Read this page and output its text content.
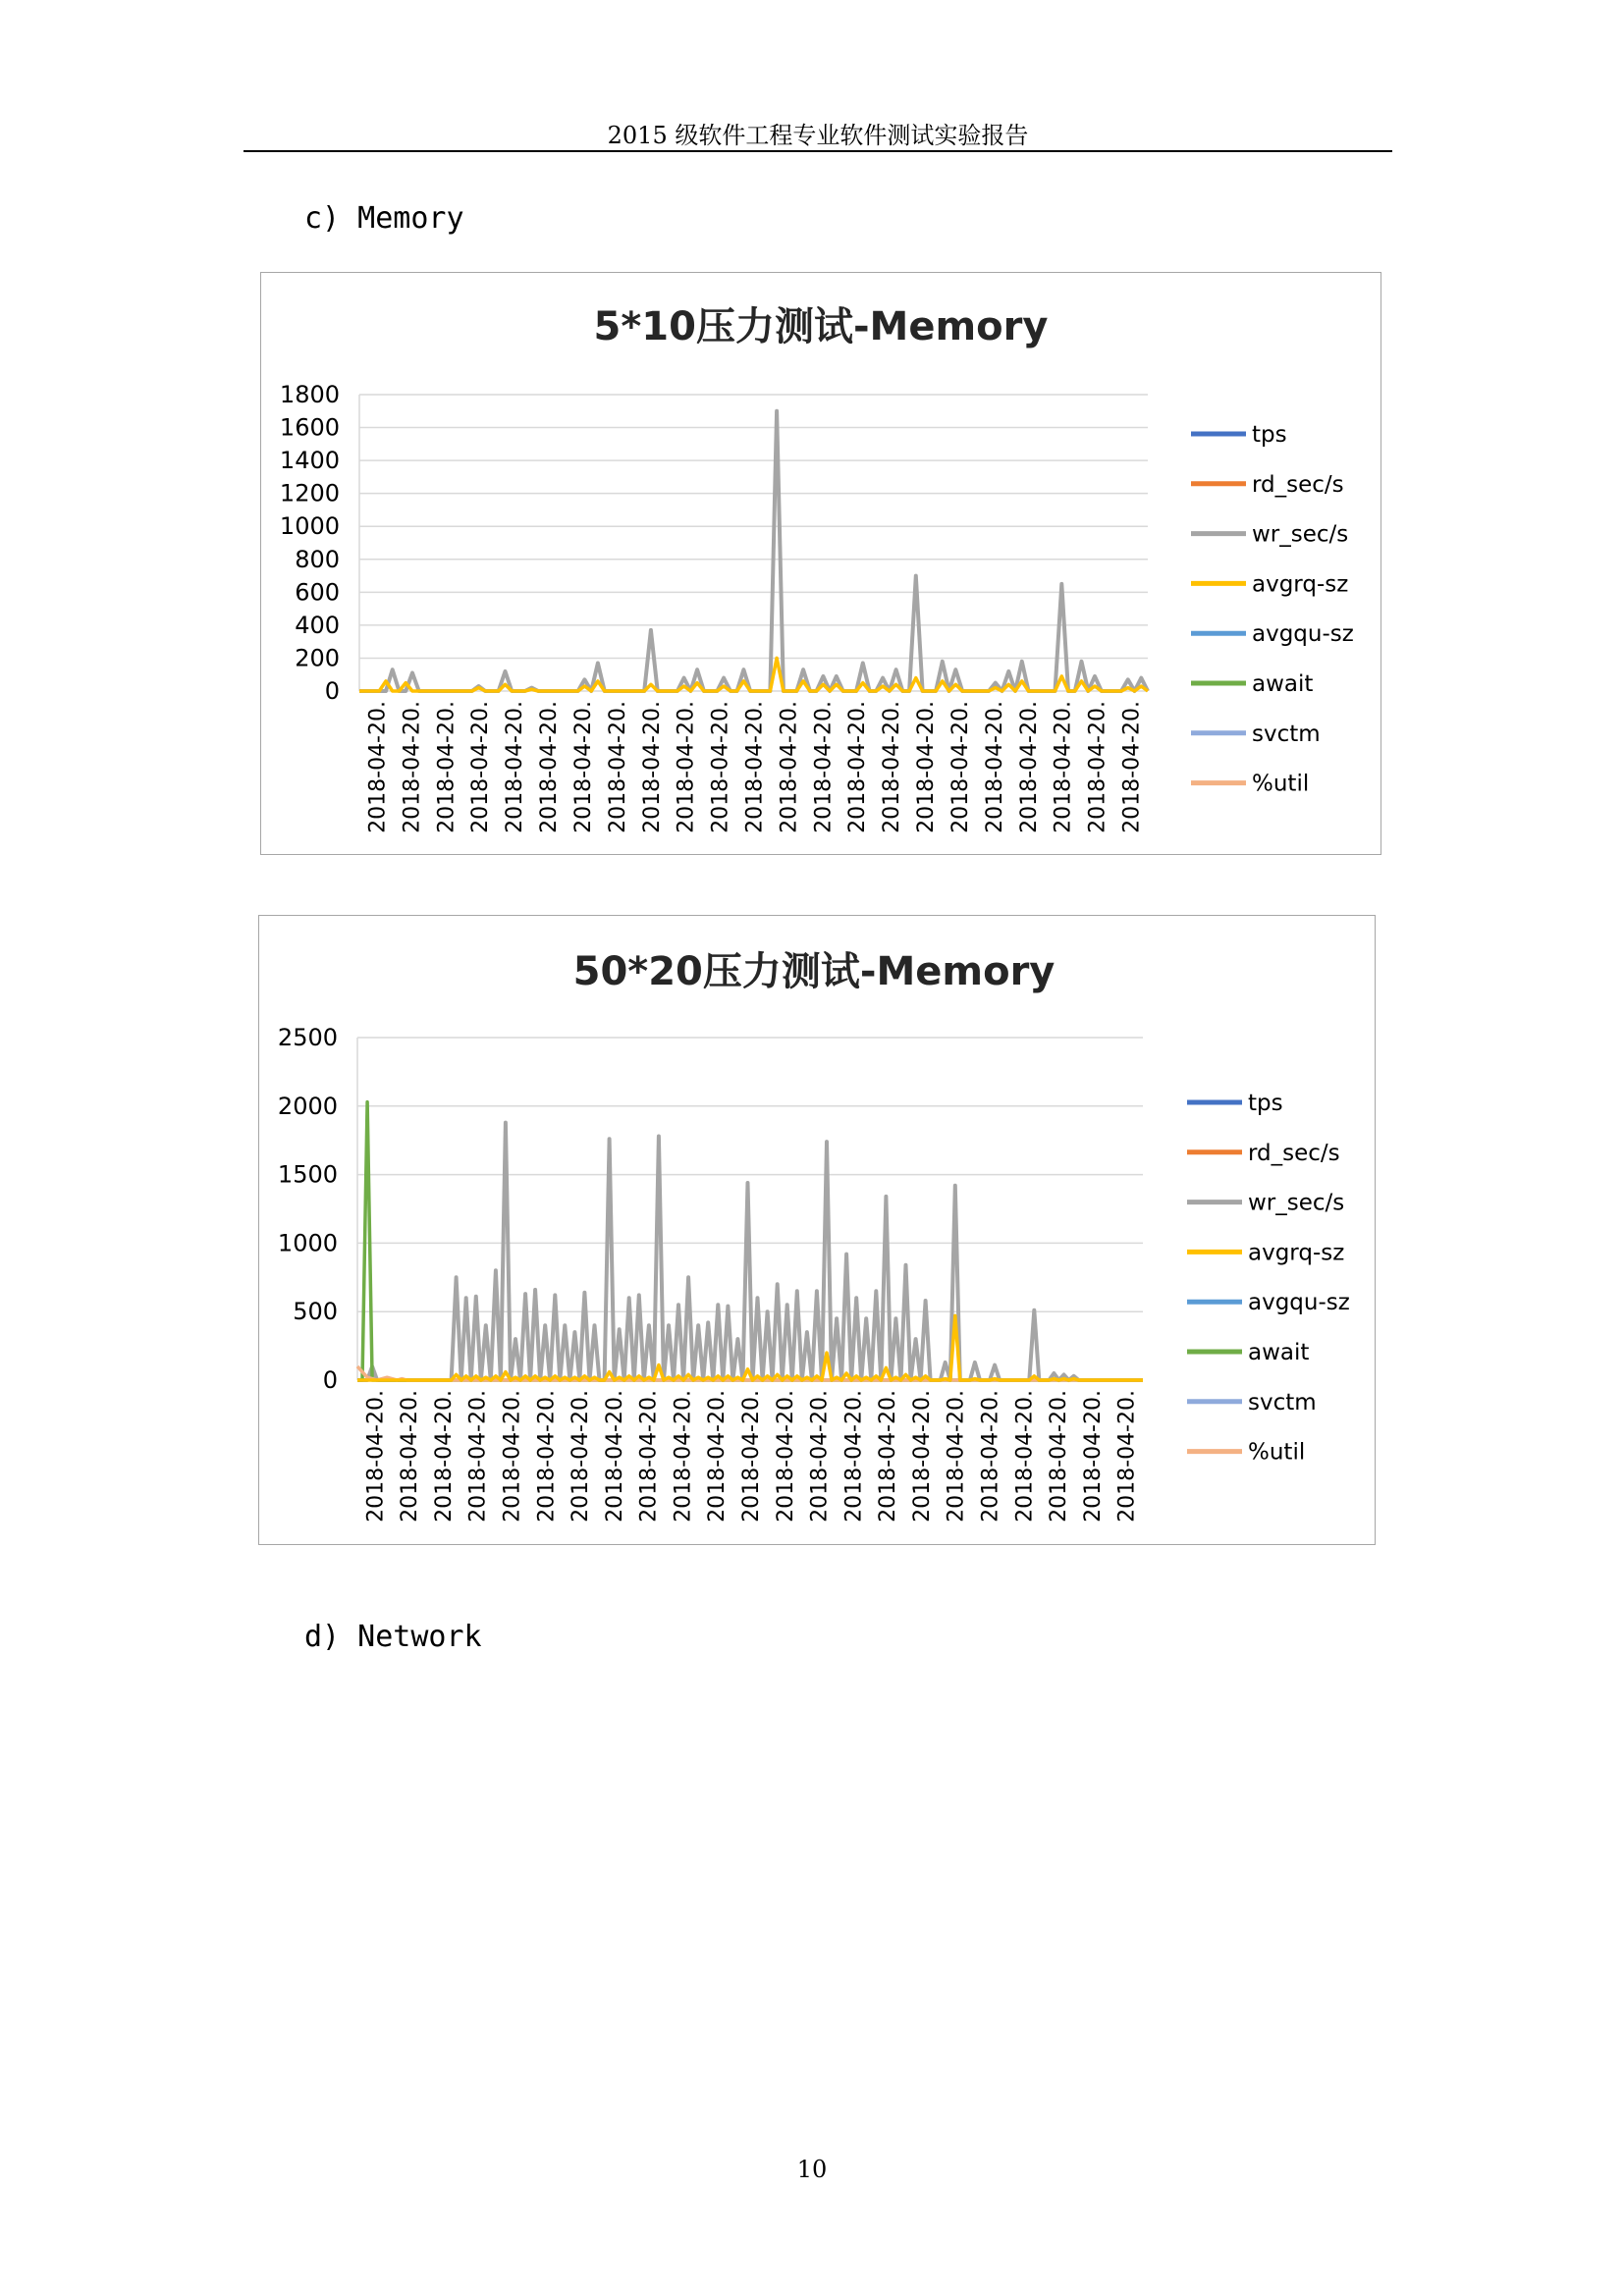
2015 级软件工程专业软件测试实验报告
c) Memory
5*10压力测试-Memory
0
200
400
600
800
1000
1200
1400
1600
1800
2018-04-20. 2018-04-20. 2018-04-20. 2018-04-20. 2018-04-20. 2018-04-20. 2018-04-20. 2018-04-20. 2018-04-20. 2018-04-20. 2018-04-20. 2018-04-20. 2018-04-20. 2018-04-20. 2018-04-20. 2018-04-20. 2018-04-20. 2018-04-20. 2018-04-20. 2018-04-20. 2018-04-20. 2018-04-20. 2018-04-20.
tps
rd_sec/s
wr_sec/s
avgrq-sz
avgqu-sz
await
svctm
%util
50*20压力测试-Memory
0
500
1000
1500
2000
2500
2018-04-20. 2018-04-20. 2018-04-20. 2018-04-20. 2018-04-20. 2018-04-20. 2018-04-20. 2018-04-20. 2018-04-20. 2018-04-20. 2018-04-20. 2018-04-20. 2018-04-20. 2018-04-20. 2018-04-20. 2018-04-20. 2018-04-20. 2018-04-20. 2018-04-20. 2018-04-20. 2018-04-20. 2018-04-20. 2018-04-20.
tps
rd_sec/s
wr_sec/s
avgrq-sz
avgqu-sz
await
svctm
%util
d) Network
10
